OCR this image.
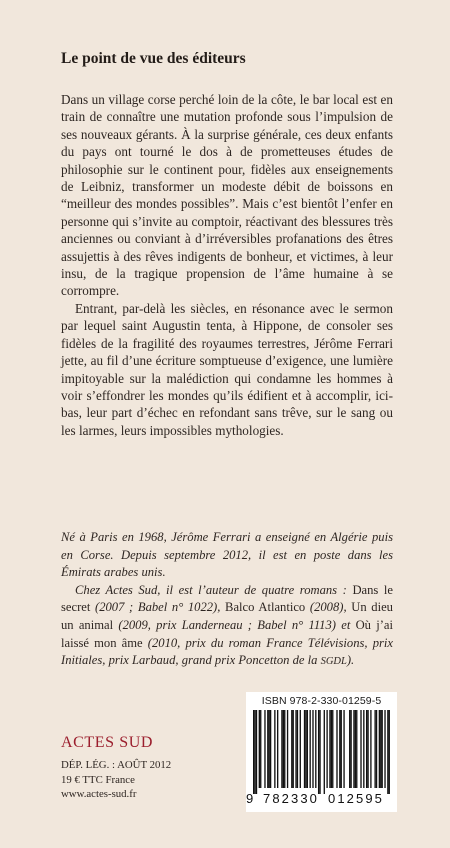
Le point de vue des éditeurs

Dans un village corse perché loin de la côte, le bar local est en train de connaître une mutation profonde sous l’impulsion de ses nouveaux gérants. À la surprise générale, ces deux enfants du pays ont tourné le dos à de prometteuses études de philosophie sur le continent pour, fidèles aux enseignements de Leibniz, transformer un modeste débit de boissons en “meilleur des mondes possibles”. Mais c’est bientôt l’enfer en personne qui s’invite au comptoir, réactivant des blessures très anciennes ou conviant à d’irréversibles profanations des êtres assujettis à des rêves indigents de bonheur, et victimes, à leur insu, de la tragique propension de l’âme humaine à se corrompre.

Entrant, par-delà les siècles, en résonance avec le sermon par lequel saint Augustin tenta, à Hippone, de consoler ses fidèles de la fragilité des royaumes terrestres, Jérôme Ferrari jette, au fil d’une écriture somptueuse d’exigence, une lumière impitoyable sur la malédiction qui condamne les hommes à voir s’effondrer les mondes qu’ils édifient et à accomplir, ici-bas, leur part d’échec en refondant sans trêve, sur le sang ou les larmes, leurs impossibles mythologies.

Né à Paris en 1968, Jérôme Ferrari a enseigné en Algérie puis en Corse. Depuis septembre 2012, il est en poste dans les Émirats arabes unis.

Chez Actes Sud, il est l’auteur de quatre romans : Dans le secret (2007 ; Babel n° 1022), Balco Atlantico (2008), Un dieu un animal (2009, prix Landerneau ; Babel n° 1113) et Où j’ai laissé mon âme (2010, prix du roman France Télévisions, prix Initiales, prix Larbaud, grand prix Poncetton de la SGDL).

ACTES SUD
DÉP. LÉG. : AOÛT 2012
19 € TTC France
www.actes-sud.fr
ISBN 978-2-330-01259-5
9 782330 012595
